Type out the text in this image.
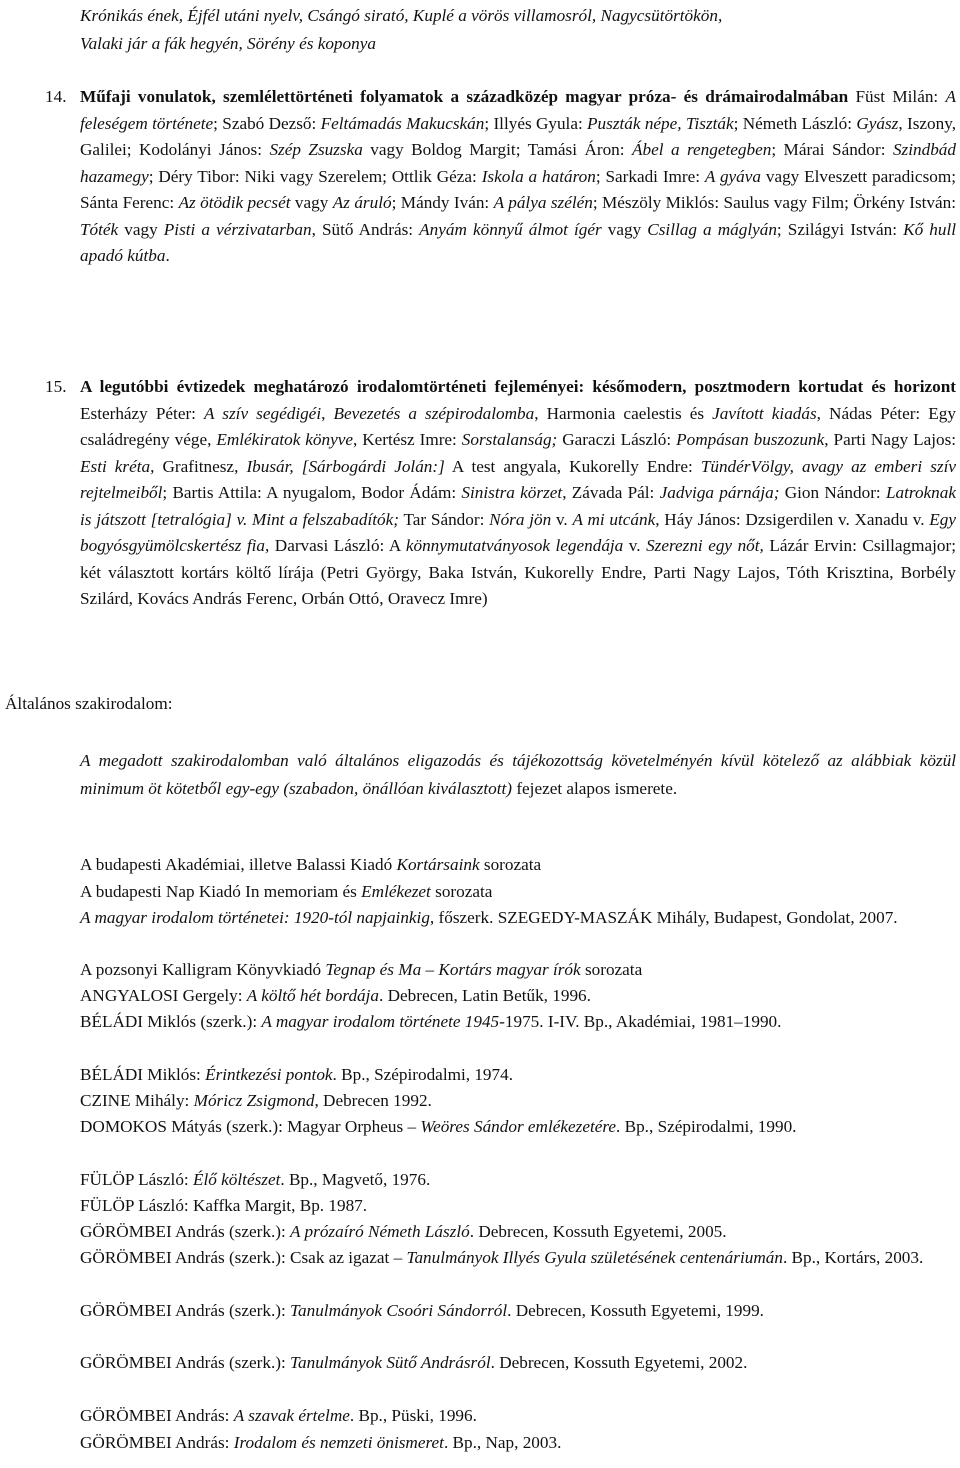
Krónikás ének, Éjfél utáni nyelv, Csángó sirató, Kuplé a vörös villamosról, Nagycsütörtökön,
Valaki jár a fák hegyén, Sörény és koponya
14. Műfaji vonulatok, szemlélettörténeti folyamatok a századközép magyar próza- és drámairodalmában Füst Milán: A feleségem története; Szabó Dezső: Feltámadás Makucskán; Illyés Gyula: Puszták népe, Tiszták; Németh László: Gyász, Iszony, Galilei; Kodolányi János: Szép Zsuzska vagy Boldog Margit; Tamási Áron: Ábel a rengetegben; Márai Sándor: Szindbád hazamegy; Déry Tibor: Niki vagy Szerelem; Ottlik Géza: Iskola a határon; Sarkadi Imre: A gyáva vagy Elveszett paradicsom; Sánta Ferenc: Az ötödik pecsét vagy Az áruló; Mándy Iván: A pálya szélén; Mészöly Miklós: Saulus vagy Film; Örkény István: Tóték vagy Pisti a vérzivatarban, Sütő András: Anyám könnyű álmot ígér vagy Csillag a máglyán; Szilágyi István: Kő hull apadó kútba.
15. A legutóbbi évtizedek meghatározó irodalomtörténeti fejleményei: későmodern, posztmodern kortudat és horizont Esterházy Péter: A szív segédigéi, Bevezetés a szépirodalomba, Harmonia caelestis és Javított kiadás, Nádas Péter: Egy családregény vége, Emlékiratok könyve, Kertész Imre: Sorstalanság; Garaczi László: Pompásan buszozunk, Parti Nagy Lajos: Esti kréta, Grafitnesz, Ibusár, [Sárbogárdi Jolán:] A test angyala, Kukorelly Endre: TündérVölgy, avagy az emberi szív rejtelmeiből; Bartis Attila: A nyugalom, Bodor Ádám: Sinistra körzet, Závada Pál: Jadviga párnája; Gion Nándor: Latroknak is játszott [tetralógia] v. Mint a felszabadítók; Tar Sándor: Nóra jön v. A mi utcánk, Háy János: Dzsigerdilen v. Xanadu v. Egy bogyósgyümölcskertész fia, Darvasi László: A könnymutatványosok legendája v. Szerezni egy nőt, Lázár Ervin: Csillagmajor; két választott kortárs költő lírája (Petri György, Baka István, Kukorelly Endre, Parti Nagy Lajos, Tóth Krisztina, Borbély Szilárd, Kovács András Ferenc, Orbán Ottó, Oravecz Imre)
Általános szakirodalom:
A megadott szakirodalomban való általános eligazodás és tájékozottság követelményén kívül kötelező az alábbiak közül minimum öt kötetből egy-egy (szabadon, önállóan kiválasztott) fejezet alapos ismerete.
A budapesti Akadémiai, illetve Balassi Kiadó Kortársaink sorozata
A budapesti Nap Kiadó In memoriam és Emlékezet sorozata
A magyar irodalom történetei: 1920-tól napjainkig, főszerk. SZEGEDY-MASZÁK Mihály, Budapest, Gondolat, 2007.
A pozsonyi Kalligram Könyvkiadó Tegnap és Ma – Kortárs magyar írók sorozata
ANGYALOSI Gergely: A költő hét bordája. Debrecen, Latin Betűk, 1996.
BÉLÁDI Miklós (szerk.): A magyar irodalom története 1945-1975. I-IV. Bp., Akadémiai, 1981–1990.
BÉLÁDI Miklós: Érintkezési pontok. Bp., Szépirodalmi, 1974.
CZINE Mihály: Móricz Zsigmond, Debrecen 1992.
DOMOKOS Mátyás (szerk.): Magyar Orpheus – Weöres Sándor emlékezetére. Bp., Szépirodalmi, 1990.
FÜLÖP László: Élő költészet. Bp., Magvető, 1976.
FÜLÖP László: Kaffka Margit, Bp. 1987.
GÖRÖMBEI András (szerk.): A prózaíró Németh László. Debrecen, Kossuth Egyetemi, 2005.
GÖRÖMBEI András (szerk.): Csak az igazat – Tanulmányok Illyés Gyula születésének centenáriumán. Bp., Kortárs, 2003.
GÖRÖMBEI András (szerk.): Tanulmányok Csoóri Sándorról. Debrecen, Kossuth Egyetemi, 1999.
GÖRÖMBEI András (szerk.): Tanulmányok Sütő Andrásról. Debrecen, Kossuth Egyetemi, 2002.
GÖRÖMBEI András: A szavak értelme. Bp., Püski, 1996.
GÖRÖMBEI András: Irodalom és nemzeti önismeret. Bp., Nap, 2003.
